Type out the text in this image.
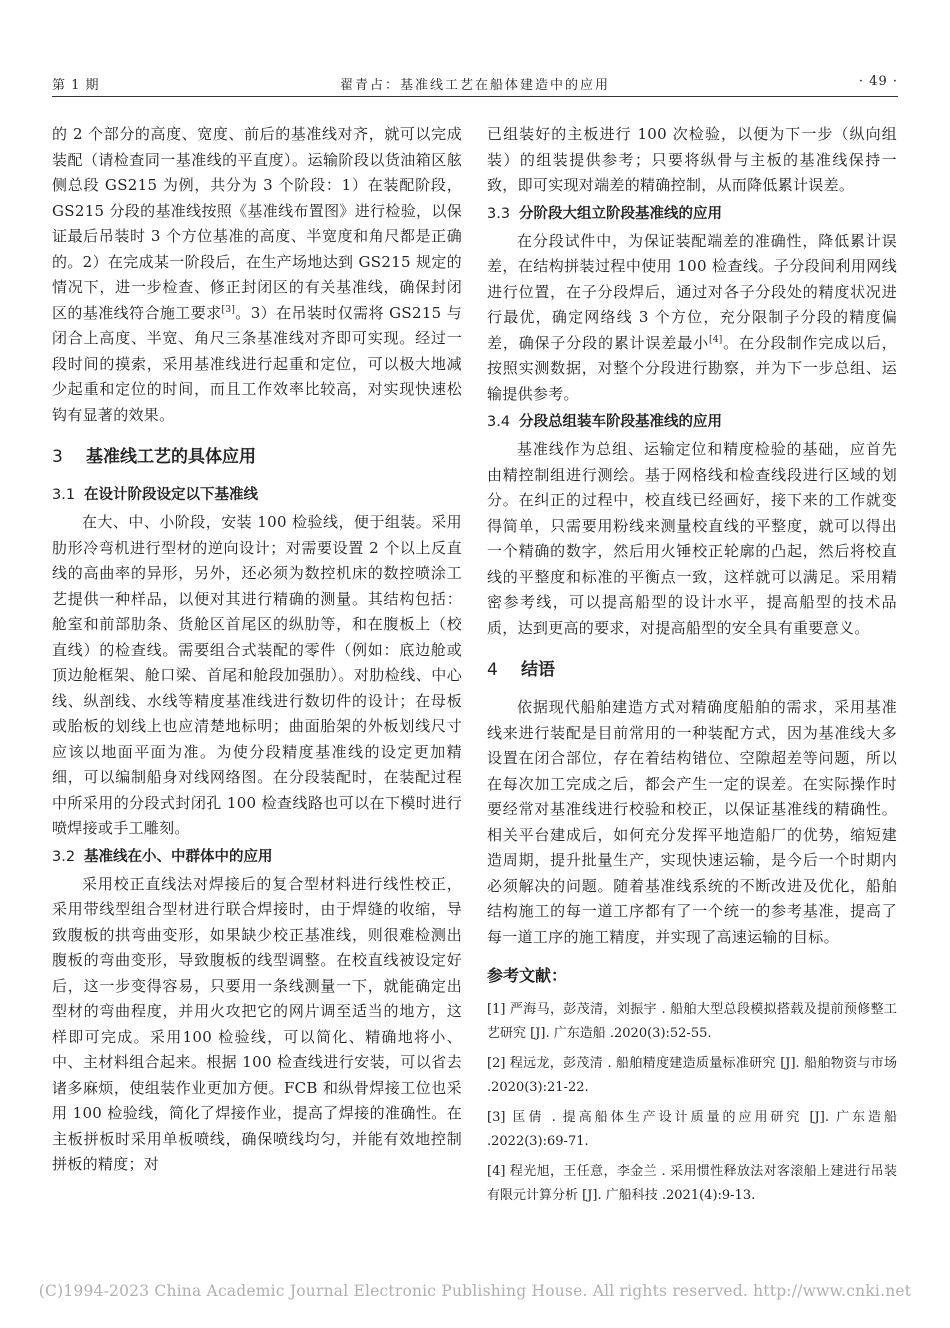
第 1 期	翟青占：基准线工艺在船体建造中的应用	· 49 ·

的 2 个部分的高度、宽度、前后的基准线对齐，就可以完成装配（请检查同一基准线的平直度）。运输阶段以货油箱区舷侧总段 GS215 为例，共分为 3 个阶段：1）在装配阶段，GS215 分段的基准线按照《基准线布置图》进行检验，以保证最后吊装时 3 个方位基准的高度、半宽度和角尺都是正确的。2）在完成某一阶段后，在生产场地达到 GS215 规定的情况下，进一步检查、修正封闭区的有关基准线，确保封闭区的基准线符合施工要求[3]。3）在吊装时仅需将 GS215 与闭合上高度、半宽、角尺三条基准线对齐即可实现。经过一段时间的摸索，采用基准线进行起重和定位，可以极大地减少起重和定位的时间，而且工作效率比较高，对实现快速松钩有显著的效果。

3 基准线工艺的具体应用
3.1 在设计阶段设定以下基准线

在大、中、小阶段，安装 100 检验线，便于组装。采用肋形冷弯机进行型材的逆向设计；对需要设置 2 个以上反直线的高曲率的异形，另外，还必须为数控机床的数控喷涂工艺提供一种样品，以便对其进行精确的测量。其结构包括：舱室和前部肋条、货舱区首尾区的纵肋等，和在腹板上（校直线）的检查线。需要组合式装配的零件（例如：底边舱或顶边舱框架、舱口梁、首尾和舱段加强肋）。对肋检线、中心线、纵剖线、水线等精度基准线进行数切件的设计；在母板或胎板的划线上也应清楚地标明；曲面胎架的外板划线尺寸应该以地面平面为准。为使分段精度基准线的设定更加精细，可以编制船身对线网络图。在分段装配时，在装配过程中所采用的分段式封闭孔 100 检查线路也可以在下模时进行喷焊接或手工雕刻。

3.2 基准线在小、中群体中的应用

采用校正直线法对焊接后的复合型材料进行线性校正，采用带线型组合型材进行联合焊接时，由于焊缝的收缩，导致腹板的拱弯曲变形，如果缺少校正基准线，则很难检测出腹板的弯曲变形，导致腹板的线型调整。在校直线被设定好后，这一步变得容易，只要用一条线测量一下，就能确定出型材的弯曲程度，并用火攻把它的网片调至适当的地方，这样即可完成。采用100 检验线，可以简化、精确地将小、中、主材料组合起来。根据 100 检查线进行安装，可以省去诸多麻烦，使组装作业更加方便。FCB 和纵骨焊接工位也采用 100 检验线，简化了焊接作业，提高了焊接的准确性。在主板拼板时采用单板喷线，确保喷线均匀，并能有效地控制拼板的精度；对

已组装好的主板进行 100 次检验，以便为下一步（纵向组装）的组装提供参考；只要将纵骨与主板的基准线保持一致，即可实现对端差的精确控制，从而降低累计误差。

3.3 分阶段大组立阶段基准线的应用

在分段试件中，为保证装配端差的准确性，降低累计误差，在结构拼装过程中使用 100 检查线。子分段间利用网线进行位置，在子分段焊后，通过对各子分段处的精度状况进行最优，确定网络线 3 个方位，充分限制子分段的精度偏差，确保子分段的累计误差最小[4]。在分段制作完成以后，按照实测数据，对整个分段进行勘察，并为下一步总组、运输提供参考。

3.4 分段总组装车阶段基准线的应用

基准线作为总组、运输定位和精度检验的基础，应首先由精控制组进行测绘。基于网格线和检查线段进行区域的划分。在纠正的过程中，校直线已经画好，接下来的工作就变得简单，只需要用粉线来测量校直线的平整度，就可以得出一个精确的数字，然后用火锤校正轮廓的凸起，然后将校直线的平整度和标准的平衡点一致，这样就可以满足。采用精密参考线，可以提高船型的设计水平，提高船型的技术品质，达到更高的要求，对提高船型的安全具有重要意义。

4 结语

依据现代船舶建造方式对精确度船舶的需求，采用基准线来进行装配是目前常用的一种装配方式，因为基准线大多设置在闭合部位，存在着结构错位、空隙超差等问题，所以在每次加工完成之后，都会产生一定的误差。在实际操作时要经常对基准线进行校验和校正，以保证基准线的精确性。相关平台建成后，如何充分发挥平地造船厂的优势，缩短建造周期，提升批量生产，实现快速运输，是今后一个时期内必须解决的问题。随着基准线系统的不断改进及优化，船舶结构施工的每一道工序都有了一个统一的参考基准，提高了每一道工序的施工精度，并实现了高速运输的目标。

参考文献：

[1] 严海马，彭茂清，刘振宇 . 船舶大型总段模拟搭载及提前预修整工艺研究 [J]. 广东造船 .2020(3):52-55.

[2] 程远龙，彭茂清 . 船舶精度建造质量标准研究 [J]. 船舶物资与市场 .2020(3):21-22.

[3] 匡倩 . 提高船体生产设计质量的应用研究 [J]. 广东造船 .2022(3):69-71.

[4] 程光旭，王任意，李金兰 . 采用惯性释放法对客滚船上建进行吊装有限元计算分析 [J]. 广船科技 .2021(4):9-13.

(C)1994-2023 China Academic Journal Electronic Publishing House. All rights reserved. http://www.cnki.net
